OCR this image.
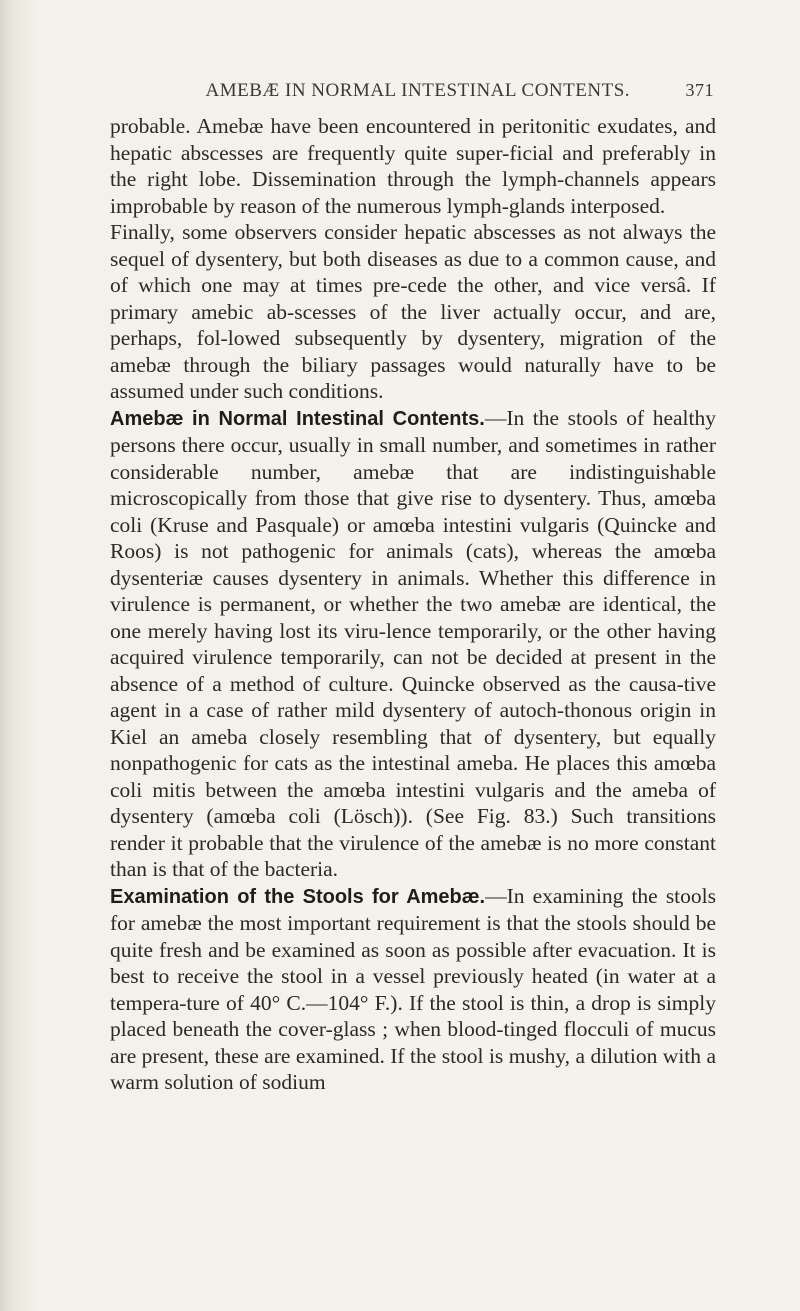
AMEBÆ IN NORMAL INTESTINAL CONTENTS.	371

probable. Amebæ have been encountered in peritonitic exudates, and hepatic abscesses are frequently quite super-ficial and preferably in the right lobe. Dissemination through the lymph-channels appears improbable by reason of the numerous lymph-glands interposed.

Finally, some observers consider hepatic abscesses as not always the sequel of dysentery, but both diseases as due to a common cause, and of which one may at times pre-cede the other, and vice versâ. If primary amebic ab-scesses of the liver actually occur, and are, perhaps, fol-lowed subsequently by dysentery, migration of the amebæ through the biliary passages would naturally have to be assumed under such conditions.

Amebæ in Normal Intestinal Contents.—In the stools of healthy persons there occur, usually in small number, and sometimes in rather considerable number, amebæ that are indistinguishable microscopically from those that give rise to dysentery. Thus, amœba coli (Kruse and Pasquale) or amœba intestini vulgaris (Quincke and Roos) is not pathogenic for animals (cats), whereas the amœba dysenteriæ causes dysentery in animals. Whether this difference in virulence is permanent, or whether the two amebæ are identical, the one merely having lost its viru-lence temporarily, or the other having acquired virulence temporarily, can not be decided at present in the absence of a method of culture. Quincke observed as the causa-tive agent in a case of rather mild dysentery of autoch-thonous origin in Kiel an ameba closely resembling that of dysentery, but equally nonpathogenic for cats as the intestinal ameba. He places this amœba coli mitis between the amœba intestini vulgaris and the ameba of dysentery (amœba coli (Lösch)). (See Fig. 83.) Such transitions render it probable that the virulence of the amebæ is no more constant than is that of the bacteria.

Examination of the Stools for Amebæ.—In examining the stools for amebæ the most important requirement is that the stools should be quite fresh and be examined as soon as possible after evacuation. It is best to receive the stool in a vessel previously heated (in water at a tempera-ture of 40° C.—104° F.). If the stool is thin, a drop is simply placed beneath the cover-glass ; when blood-tinged flocculi of mucus are present, these are examined. If the stool is mushy, a dilution with a warm solution of sodium
